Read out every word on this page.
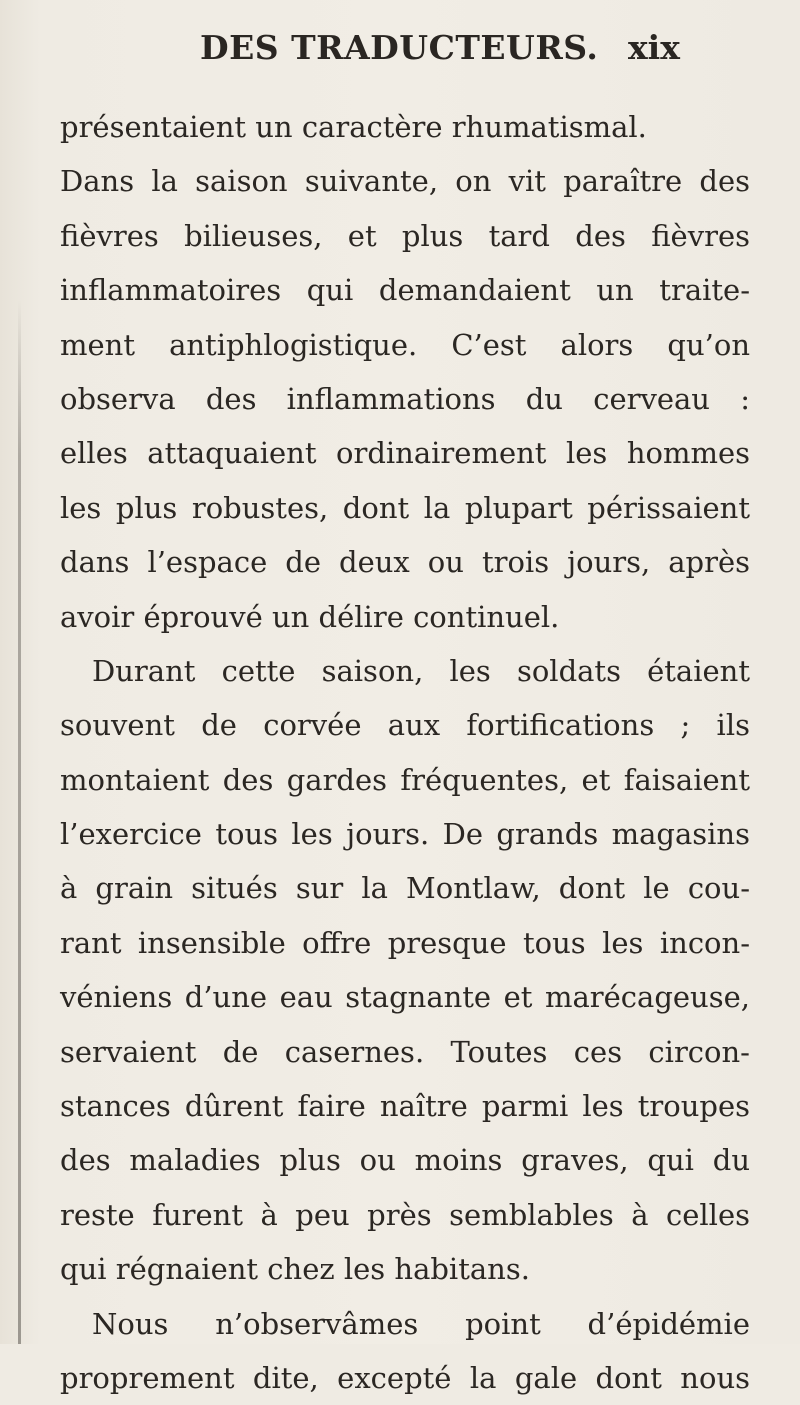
DES TRADUCTEURS. xix
présentaient un caractère rhumatismal.
Dans la saison suivante, on vit paraître des
fièvres bilieuses, et plus tard des fièvres
inflammatoires qui demandaient un traite-
ment antiphlogistique. C’est alors qu’on
observa des inflammations du cerveau :
elles attaquaient ordinairement les hommes
les plus robustes, dont la plupart périssaient
dans l’espace de deux ou trois jours, après
avoir éprouvé un délire continuel.
Durant cette saison, les soldats étaient
souvent de corvée aux fortifications ; ils
montaient des gardes fréquentes, et faisaient
l’exercice tous les jours. De grands magasins
à grain situés sur la Montlaw, dont le cou-
rant insensible offre presque tous les incon-
véniens d’une eau stagnante et marécageuse,
servaient de casernes. Toutes ces circon-
stances dûrent faire naître parmi les troupes
des maladies plus ou moins graves, qui du
reste furent à peu près semblables à celles
qui régnaient chez les habitans.
Nous n’observâmes point d’épidémie
proprement dite, excepté la gale dont nous
